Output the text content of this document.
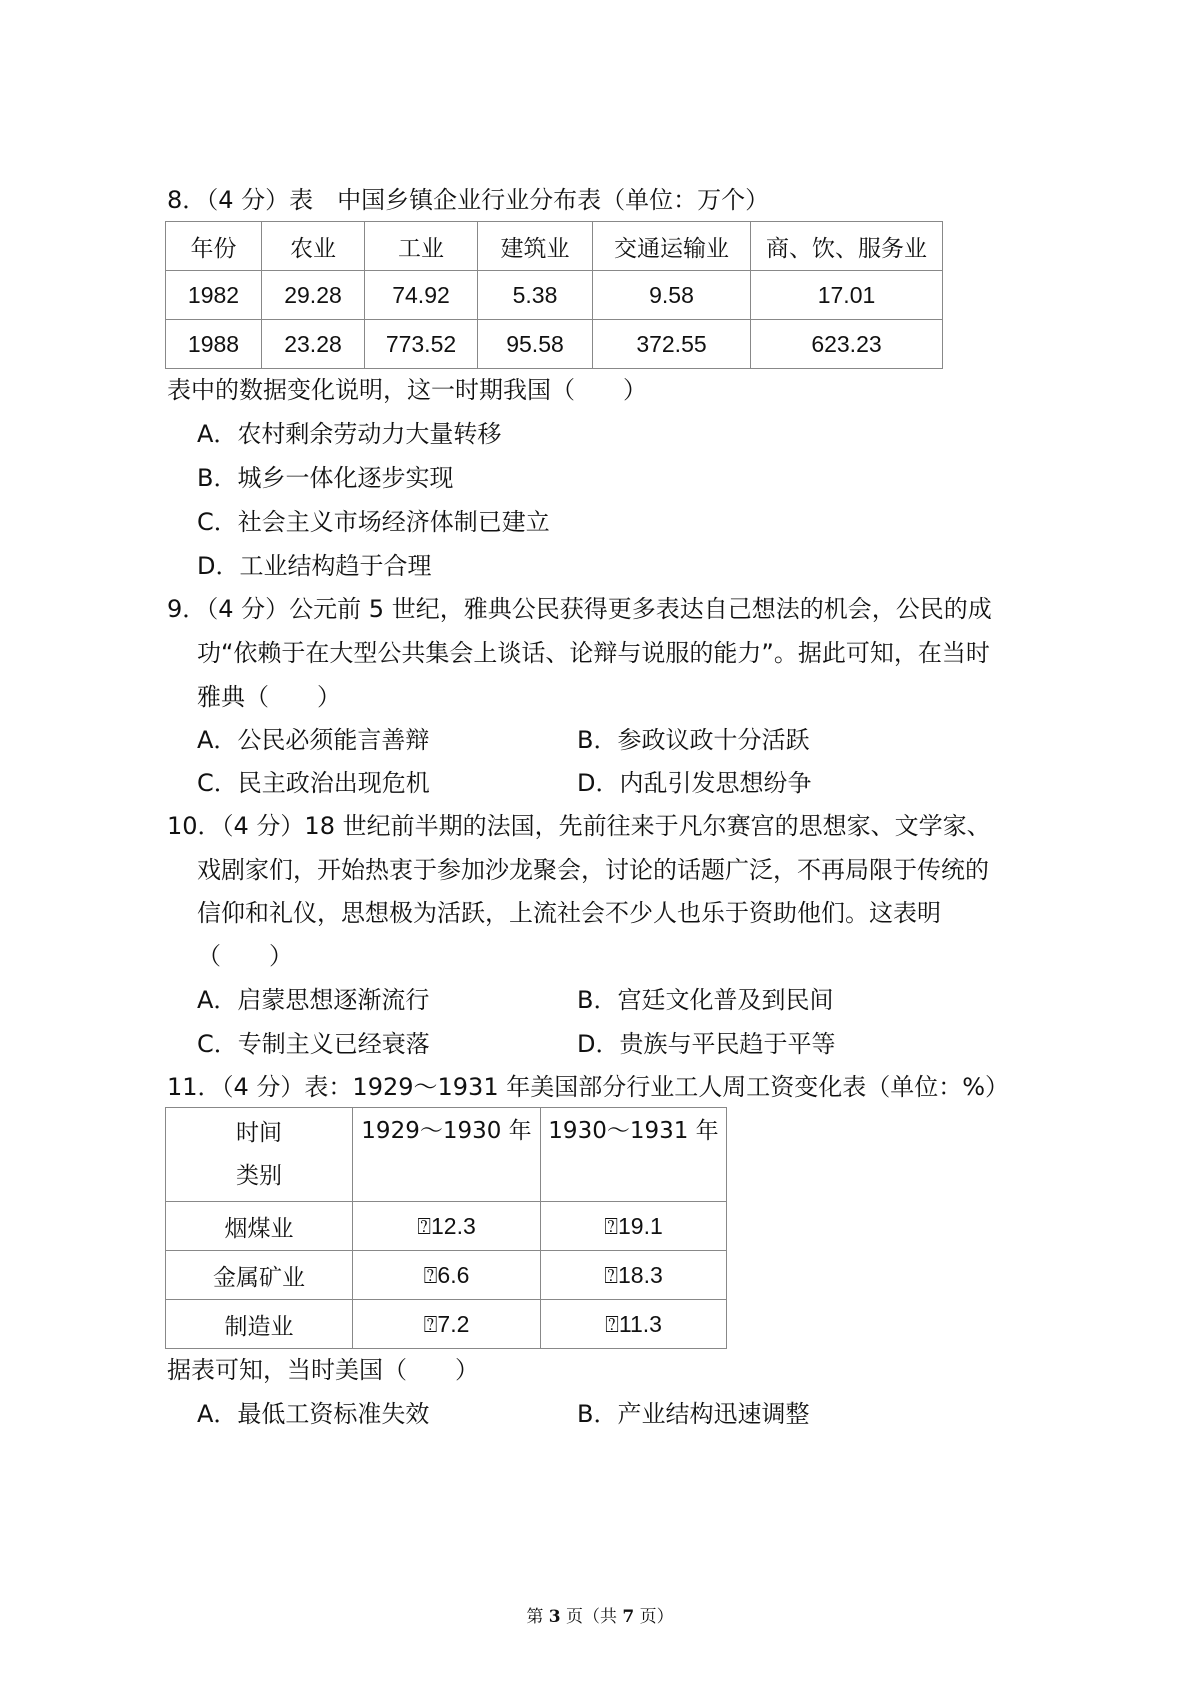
8．（4 分）表　中国乡镇企业行业分布表（单位：万个）
年份	农业	工业	建筑业	交通运输业	商、饮、服务业
1982	29.28	74.92	5.38	9.58	17.01
1988	23.28	773.52	95.58	372.55	623.23
表中的数据变化说明，这一时期我国（　　）
A．农村剩余劳动力大量转移
B．城乡一体化逐步实现
C．社会主义市场经济体制已建立
D．工业结构趋于合理
9．（4 分）公元前 5 世纪，雅典公民获得更多表达自己想法的机会，公民的成
功“依赖于在大型公共集会上谈话、论辩与说服的能力”。据此可知，在当时
雅典（　　）
A．公民必须能言善辩	B．参政议政十分活跃
C．民主政治出现危机	D．内乱引发思想纷争
10．（4 分）18 世纪前半期的法国，先前往来于凡尔赛宫的思想家、文学家、
戏剧家们，开始热衷于参加沙龙聚会，讨论的话题广泛，不再局限于传统的
信仰和礼仪，思想极为活跃，上流社会不少人也乐于资助他们。这表明
（　　）
A．启蒙思想逐渐流行	B．宫廷文化普及到民间
C．专制主义已经衰落	D．贵族与平民趋于平等
11．（4 分）表：1929～1931 年美国部分行业工人周工资变化表（单位：%）
时间
类别	1929～1930 年	1930～1931 年
烟煤业	⍰12.3	⍰19.1
金属矿业	⍰6.6	⍰18.3
制造业	⍰7.2	⍰11.3
据表可知，当时美国（　　）
A．最低工资标准失效	B．产业结构迅速调整
第 3 页（共 7 页）
